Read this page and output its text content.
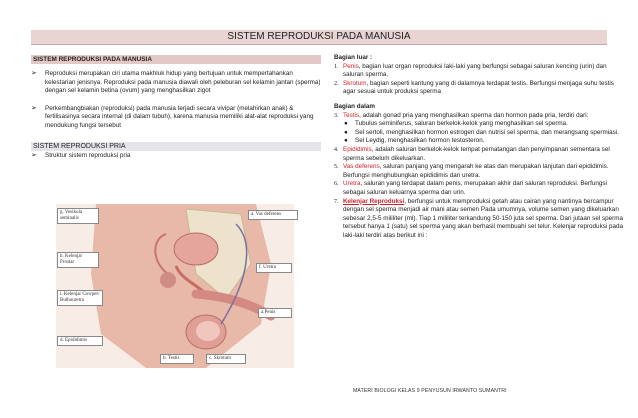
SISTEM REPRODUKSI PADA MANUSIA
SISTEM REPRODUKSI PADA MANUSIA
➢	Reproduksi merupakan ciri utama makhluk hidup yang bertujuan untuk mempertahankan kelestarian jenisnya. Reproduksi pada manusia diawali oleh peleburan sel kelamin jantan (sperma) dengan sel kelamin betina (ovum) yang menghasilkan zigot

➢	Perkembangbiakan (reproduksi) pada manusia terjadi secara vivipar (melahirkan anak) & fertilisasinya secara internal (di dalam tubuh), karena manusia memiliki alat-alat reproduksi yang mendukung fungsi tersebut

SISTEM REPRODUKSI PRIA
➢	Struktur sistem reproduksi pria

g. Vesikula seminalis
a. Vas deferens
h. Kelenjar Prostat
f. Uretra
i. Kelenjar Cowper/ Bulbouretra
a.Penis
d. Epididimis
b. Testis	c. Skrotum
Bagian luar :
1. Penis, bagian luar organ reproduksi laki-laki yang berfungsi sebagai saluran kencing (urin) dan saluran sperma.

2. Skrotum, bagian seperti kantung yang di dalamnya terdapat testis. Berfungsi menjaga suhu testis agar sesuai untuk produksi sperma

Bagian dalam
3. Testis, adalah gonad pria yang menghasilkan sperma dan hormon pada pria, terdiri dari:

●	Tubulus seminiferus, saluran berkelok-kelok yang menghasilkan sel sperma.

●	Sel sertoli, menghasilkan hormon estrogen dan nutrisi sel sperma, dan merangsang spermiasi.

●	Sel Leydig, menghasilkan hormon testosteron.

4. Epididimis, adalah saluran berkelok-kelok tempat pematangan dan penyimpanan sementara sel sperma sebelum dikeluarkan.

5. Vas deferens, saluran panjang yang mengarah ke atas dan merupakan lanjutan dari epididimis. Berfungsi menghubungkan epididimis dan uretra.

6. Uretra, saluran yang terdapat dalam penis, merupakan akhir dari saluran reproduksi. Berfungsi sebagai saluran keluarnya sperma dan urin.

7. Kelenjar Reproduksi, berfungsi untuk memproduksi getah atau cairan yang nantinya bercampur dengan sel sperma menjadi air mani atau semen Pada umumnya, volume semen yang dikeluarkan sebesar 2,5-5 mililiter (ml). Tiap 1 mililiter terkandung 50-150 juta sel sperma. Dari jutaan sel sperma tersebut hanya 1 (satu) sel sperma yang akan berhasil membuahi sel telur. Kelenjar reproduksi pada laki-laki terdiri atas berikut ini :

MATERI BIOLOGI KELAS 9 PENYUSUN IRWANTO SUMANTRI
